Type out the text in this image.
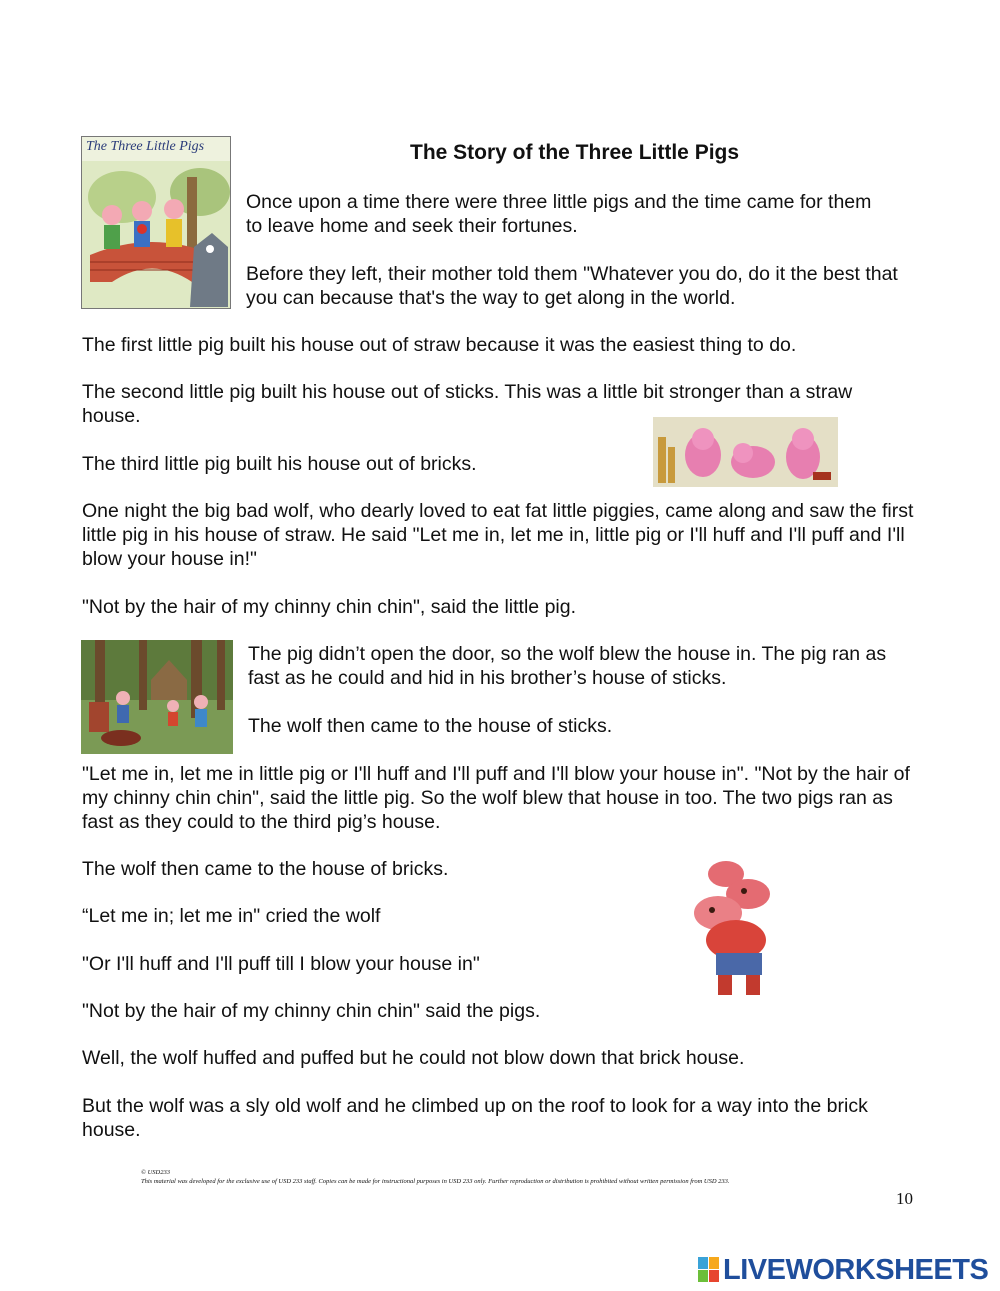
The Story of the Three Little Pigs
The Three Little Pigs

Once upon a time there were three little pigs and the time came for them to leave home and seek their fortunes.

Before they left, their mother told them "Whatever you do, do it the best that you can because that's the way to get along in the world.

The first little pig built his house out of straw because it was the easiest thing to do.

The second little pig built his house out of sticks. This was a little bit stronger than a straw house.

The third little pig built his house out of bricks.

One night the big bad wolf, who dearly loved to eat fat little piggies, came along and saw the first little pig in his house of straw. He said "Let me in, let me in, little pig or I'll huff and I'll puff and I'll blow your house in!"

"Not by the hair of my chinny chin chin", said the little pig.

The pig didn’t open the door, so the wolf blew the house in. The pig ran as fast as he could and hid in his brother’s house of sticks.

The wolf then came to the house of sticks.

"Let me in, let me in little pig or I'll huff and I'll puff and I'll blow your house in". "Not by the hair of my chinny chin chin", said the little pig. So the wolf blew that house in too. The two pigs ran as fast as they could to the third pig’s house.

The wolf then came to the house of bricks.

“Let me in; let me in" cried the wolf

"Or I'll huff and I'll puff till I blow your house in"

"Not by the hair of my chinny chin chin" said the pigs.

Well, the wolf huffed and puffed but he could not blow down that brick house.

But the wolf was a sly old wolf and he climbed up on the roof to look for a way into the brick house.

© USD233
This material was developed for the exclusive use of USD 233 staff. Copies can be made for instructional purposes in USD 233 only. Further reproduction or distribution is prohibited without written permission from USD 233.
10
LIVEWORKSHEETS
